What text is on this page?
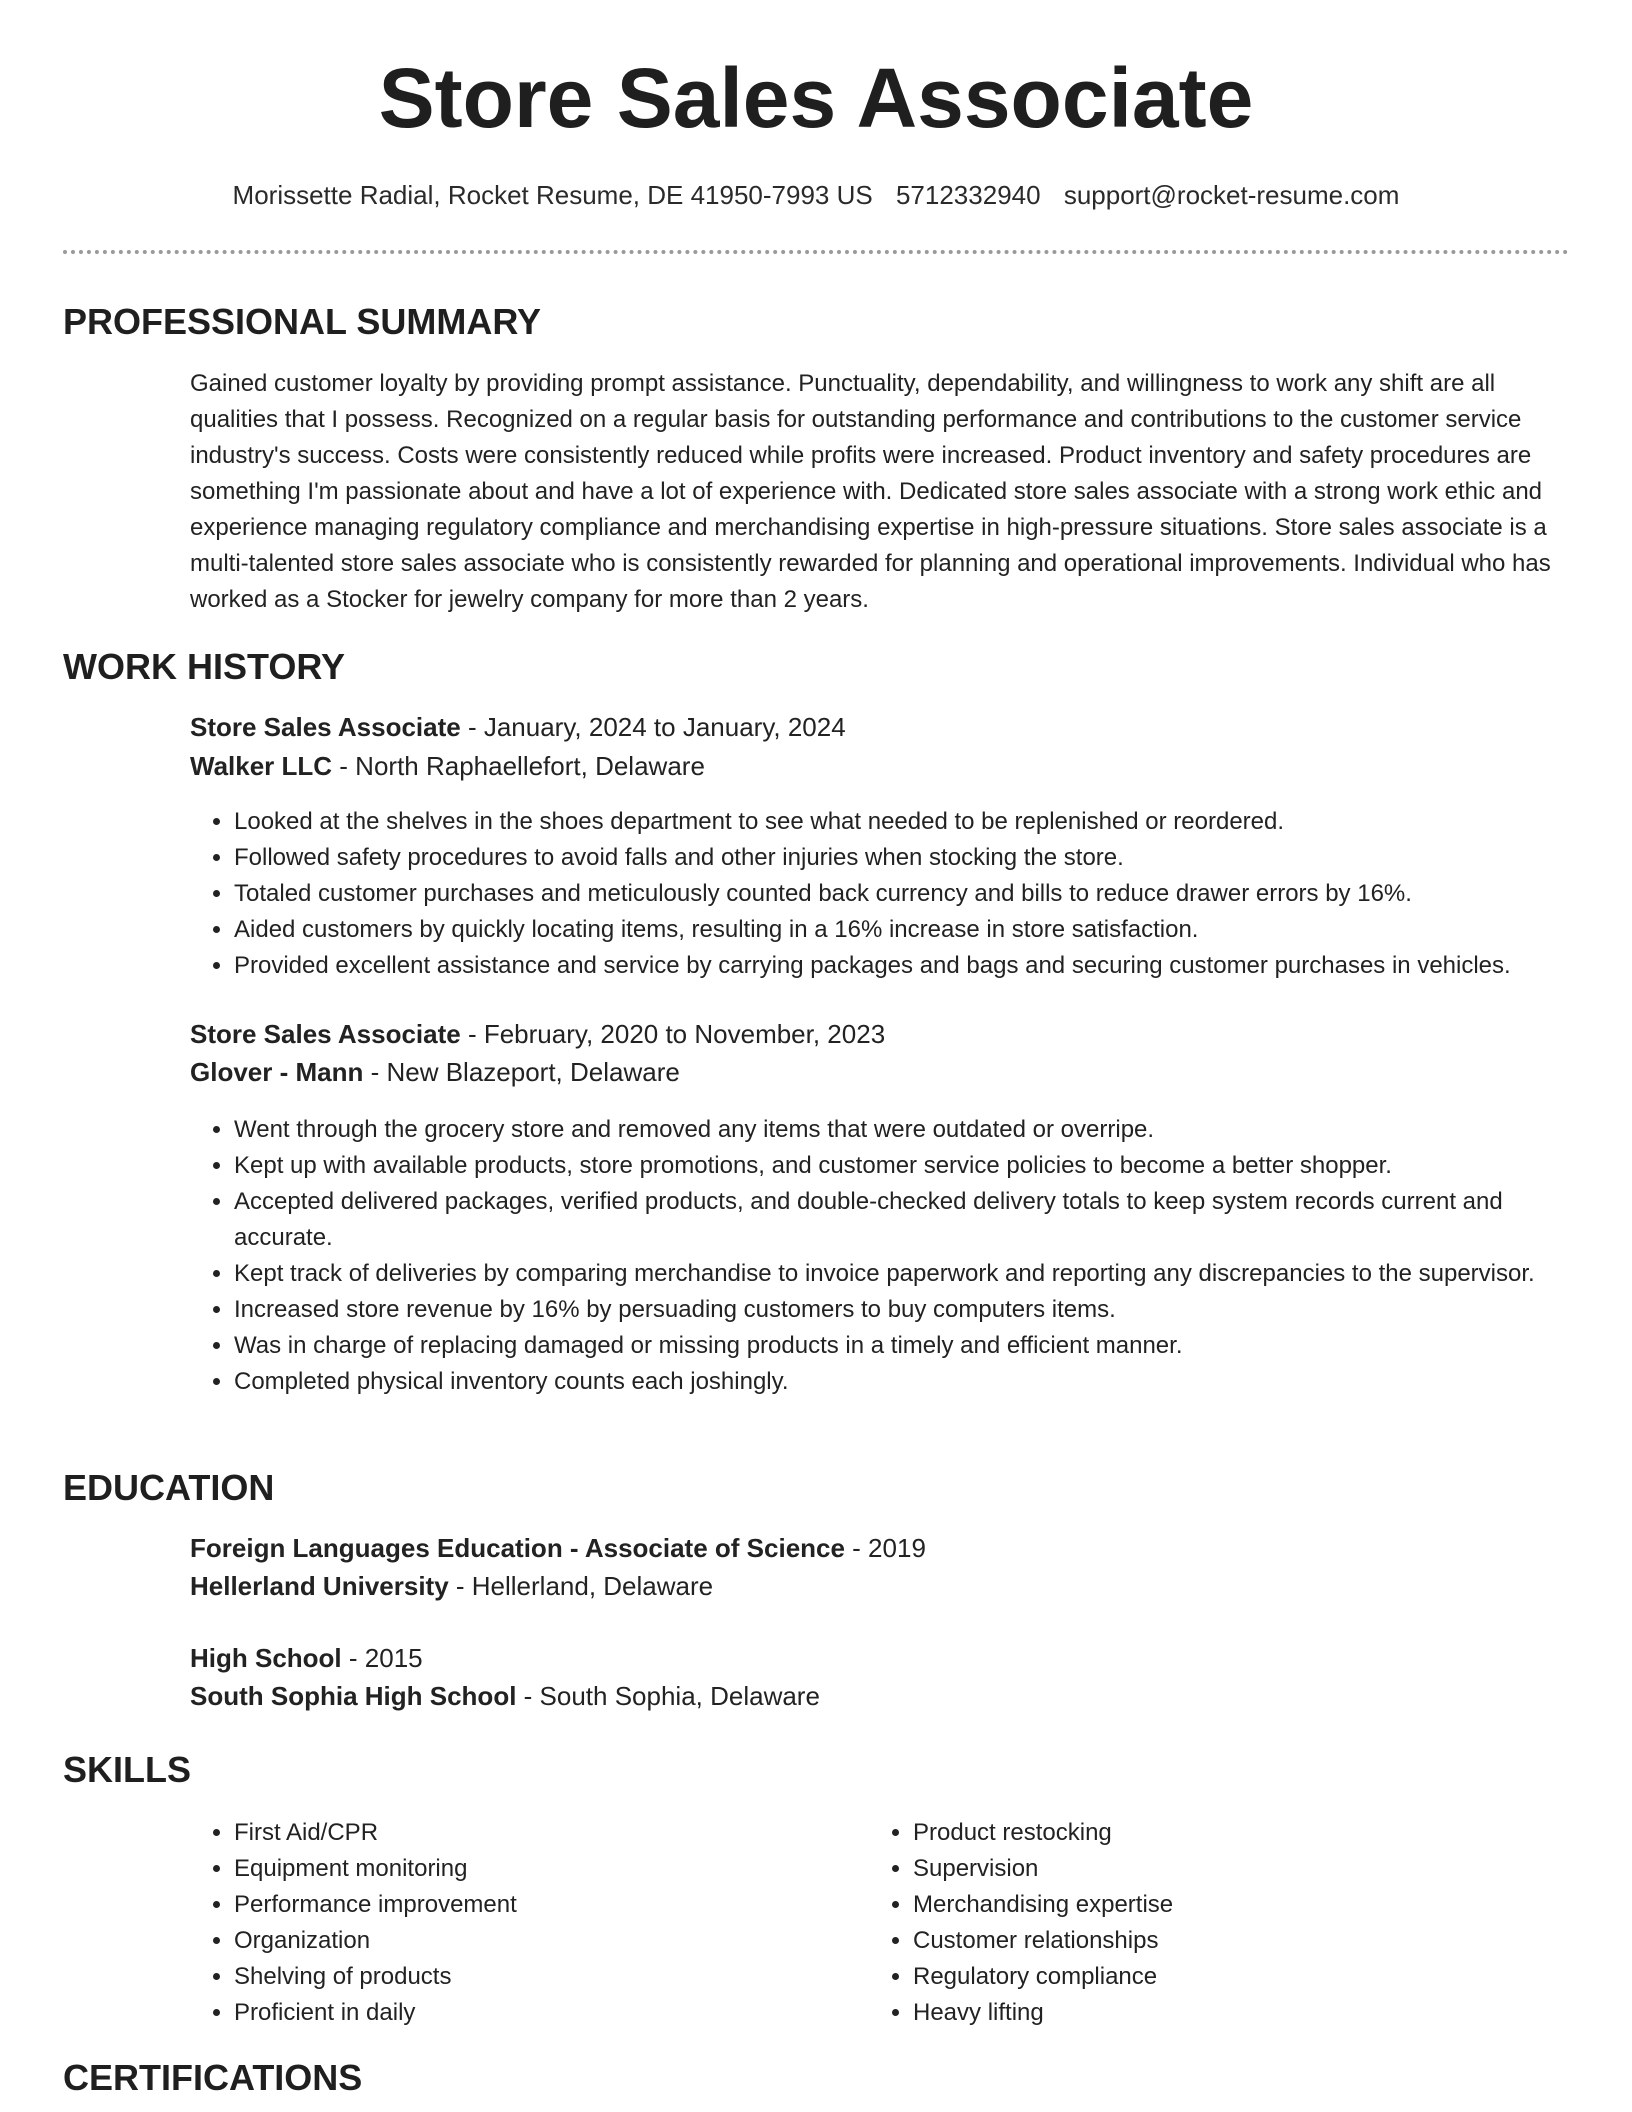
Store Sales Associate
Morissette Radial, Rocket Resume, DE 41950-7993 US 5712332940 support@rocket-resume.com
PROFESSIONAL SUMMARY
Gained customer loyalty by providing prompt assistance. Punctuality, dependability, and willingness to work any shift are all qualities that I possess. Recognized on a regular basis for outstanding performance and contributions to the customer service industry's success. Costs were consistently reduced while profits were increased. Product inventory and safety procedures are something I'm passionate about and have a lot of experience with. Dedicated store sales associate with a strong work ethic and experience managing regulatory compliance and merchandising expertise in high-pressure situations. Store sales associate is a multi-talented store sales associate who is consistently rewarded for planning and operational improvements. Individual who has worked as a Stocker for jewelry company for more than 2 years.
WORK HISTORY
Store Sales Associate - January, 2024 to January, 2024
Walker LLC - North Raphaellefort, Delaware
• Looked at the shelves in the shoes department to see what needed to be replenished or reordered.
• Followed safety procedures to avoid falls and other injuries when stocking the store.
• Totaled customer purchases and meticulously counted back currency and bills to reduce drawer errors by 16%.
• Aided customers by quickly locating items, resulting in a 16% increase in store satisfaction.
• Provided excellent assistance and service by carrying packages and bags and securing customer purchases in vehicles.
Store Sales Associate - February, 2020 to November, 2023
Glover - Mann - New Blazeport, Delaware
• Went through the grocery store and removed any items that were outdated or overripe.
• Kept up with available products, store promotions, and customer service policies to become a better shopper.
• Accepted delivered packages, verified products, and double-checked delivery totals to keep system records current and accurate.
• Kept track of deliveries by comparing merchandise to invoice paperwork and reporting any discrepancies to the supervisor.
• Increased store revenue by 16% by persuading customers to buy computers items.
• Was in charge of replacing damaged or missing products in a timely and efficient manner.
• Completed physical inventory counts each joshingly.
EDUCATION
Foreign Languages Education - Associate of Science - 2019
Hellerland University - Hellerland, Delaware
High School - 2015
South Sophia High School - South Sophia, Delaware
SKILLS
• First Aid/CPR
• Equipment monitoring
• Performance improvement
• Organization
• Shelving of products
• Proficient in daily
• Product restocking
• Supervision
• Merchandising expertise
• Customer relationships
• Regulatory compliance
• Heavy lifting
CERTIFICATIONS
